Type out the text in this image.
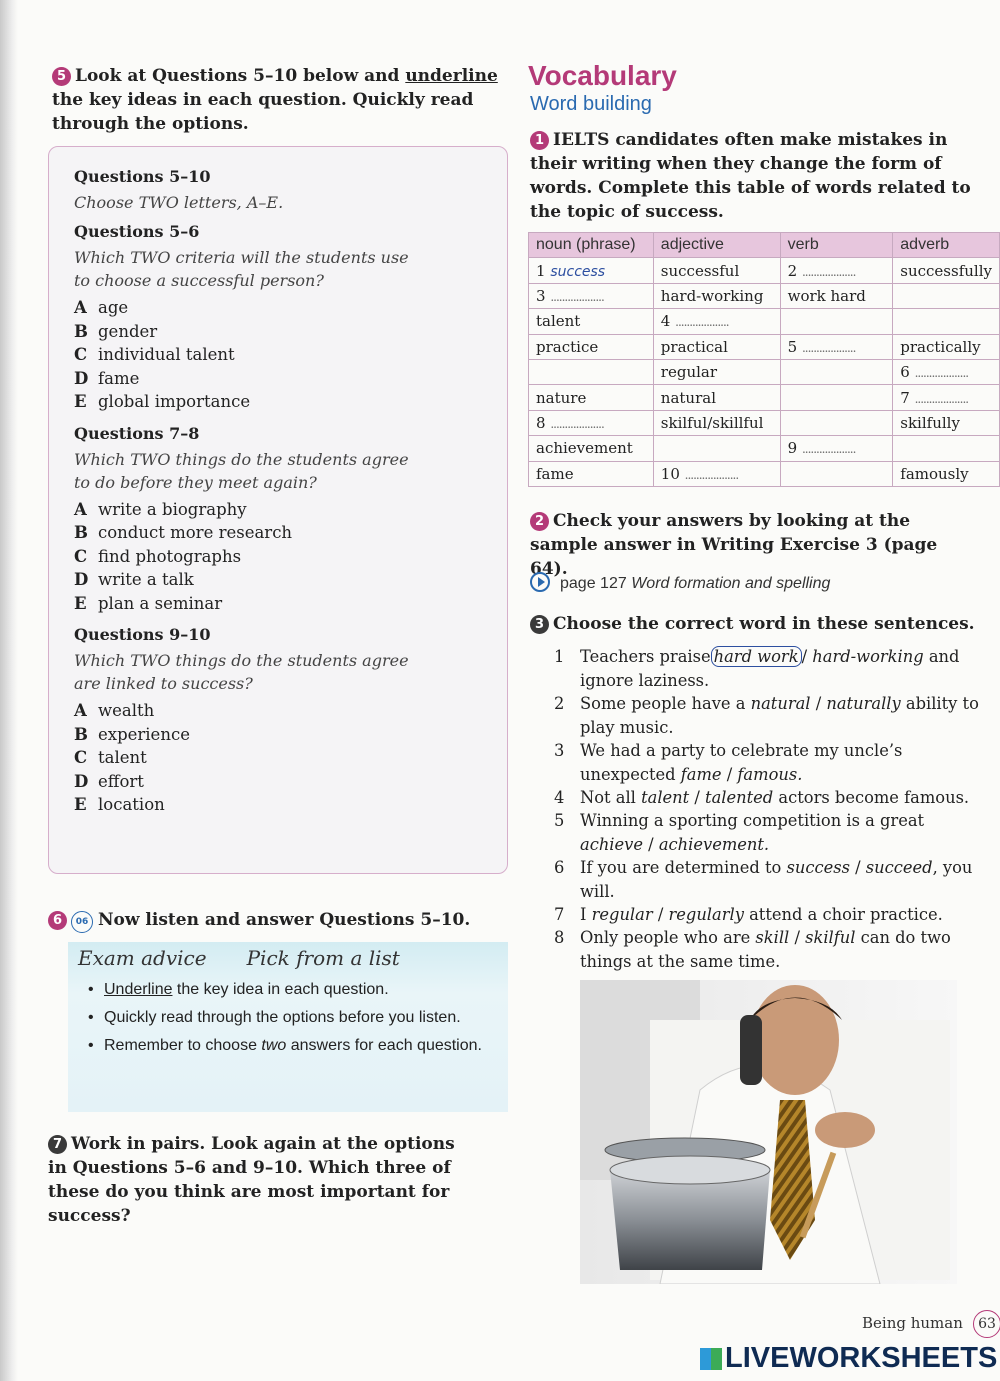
5 Look at Questions 5–10 below and underline the key ideas in each question. Quickly read through the options.
Questions 5–10
Choose TWO letters, A–E.
Questions 5–6
Which TWO criteria will the students use to choose a successful person?
A age
B gender
C individual talent
D fame
E global importance
Questions 7–8
Which TWO things do the students agree to do before they meet again?
A write a biography
B conduct more research
C find photographs
D write a talk
E plan a seminar
Questions 9–10
Which TWO things do the students agree are linked to success?
A wealth
B experience
C talent
D effort
E location
6 06 Now listen and answer Questions 5–10.
Exam advice Pick from a list
• Underline the key idea in each question.
• Quickly read through the options before you listen.
• Remember to choose two answers for each question.
7 Work in pairs. Look again at the options in Questions 5–6 and 9–10. Which three of these do you think are most important for success?
Vocabulary
Word building
1 IELTS candidates often make mistakes in their writing when they change the form of words. Complete this table of words related to the topic of success.
noun (phrase)	adjective	verb	adverb
1 success	successful	2 ...................	successfully
3 ...................	hard-working	work hard	
talent	4 ...................		
practice	practical	5 ...................	practically
	regular		6 ...................
nature	natural		7 ...................
8 ...................	skilful/skillful		skilfully
achievement		9 ...................	
fame	10 ...................		famously
2 Check your answers by looking at the sample answer in Writing Exercise 3 (page 64).
page 127 Word formation and spelling
3 Choose the correct word in these sentences.
1 Teachers praise hard work / hard-working and ignore laziness.
2 Some people have a natural / naturally ability to play music.
3 We had a party to celebrate my uncle’s unexpected fame / famous.
4 Not all talent / talented actors become famous.
5 Winning a sporting competition is a great achieve / achievement.
6 If you are determined to success / succeed, you will.
7 I regular / regularly attend a choir practice.
8 Only people who are skill / skilful can do two things at the same time.
Being human	63
LIVEWORKSHEETS
